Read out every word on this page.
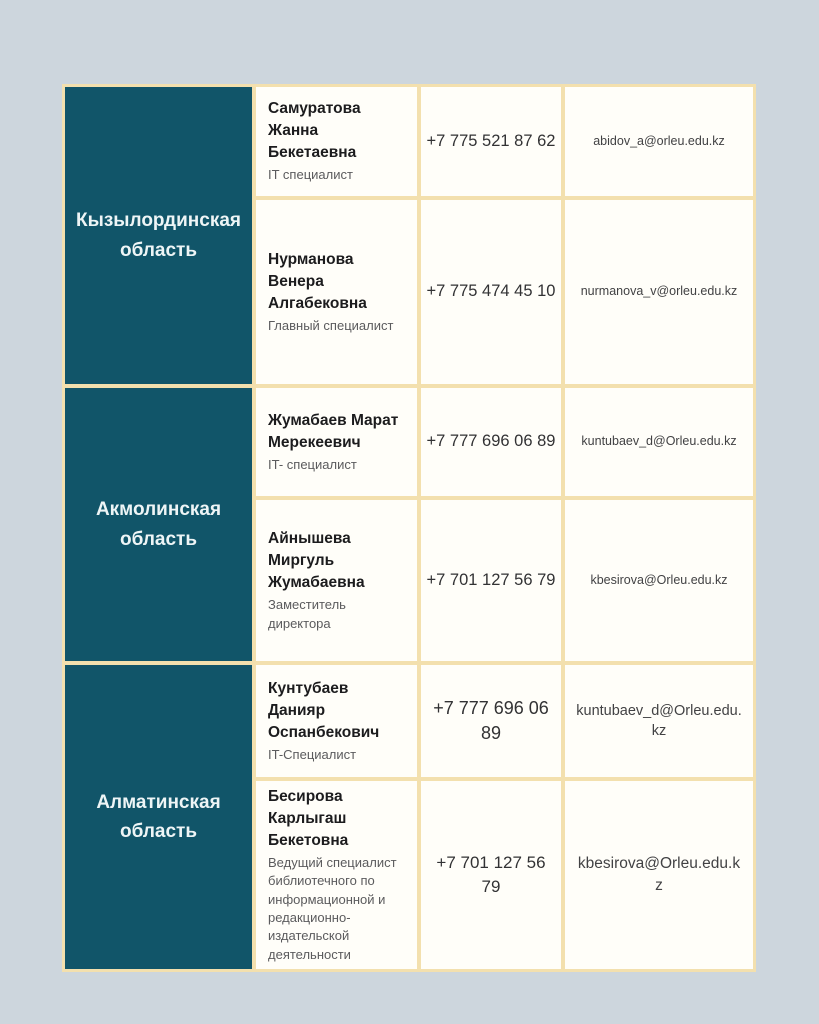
Кызылординская область
Самуратова Жанна Бекетаевна
IT специалист
+7 775 521 87 62	abidov_a@orleu.edu.kz
Нурманова Венера Алгабековна
Главный специалист
+7 775 474 45 10 nurmanova_v@orleu.edu.kz
Акмолинская область
Жумабаев Марат Мерекеевич
IT- специалист
+7 777 696 06 89 kuntubaev_d@Orleu.edu.kz
Айнышева Миргуль Жумабаевна
Заместитель директора
+7 701 127 56 79	kbesirova@Orleu.edu.kz
Алматинская область
Кунтубаев Данияр Оспанбекович
IT-Специалист
+7 777 696 06 89
kuntubaev_d@Orleu.edu.kz
Бесирова Карлыгаш Бекетовна
Ведущий специалист библиотечного по информационной и редакционно-издательской деятельности
+7 701 127 56 79
kbesirova@Orleu.edu.kz
